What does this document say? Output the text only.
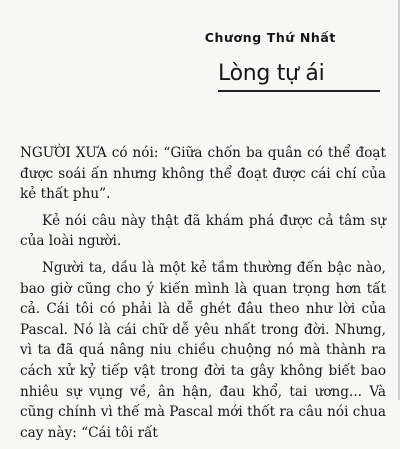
Chương Thứ Nhất
Lòng tự ái

NGƯỜI XƯA có nói: “Giữa chốn ba quân có thể đoạt được soái ấn nhưng không thể đoạt được cái chí của kẻ thất phu”.

Kẻ nói câu này thật đã khám phá được cả tâm sự của loài người.

Người ta, dầu là một kẻ tầm thường đến bậc nào, bao giờ cũng cho ý kiến mình là quan trọng hơn tất cả. Cái tôi có phải là dễ ghét đâu theo như lời của Pascal. Nó là cái chữ dễ yêu nhất trong đời. Nhưng, vì ta đã quá nâng niu chiều chuộng nó mà thành ra cách xử kỷ tiếp vật trong đời ta gây không biết bao nhiêu sự vụng về, ân hận, đau khổ, tai ương... Và cũng chính vì thế mà Pascal mới thốt ra câu nói chua cay này: “Cái tôi rất
